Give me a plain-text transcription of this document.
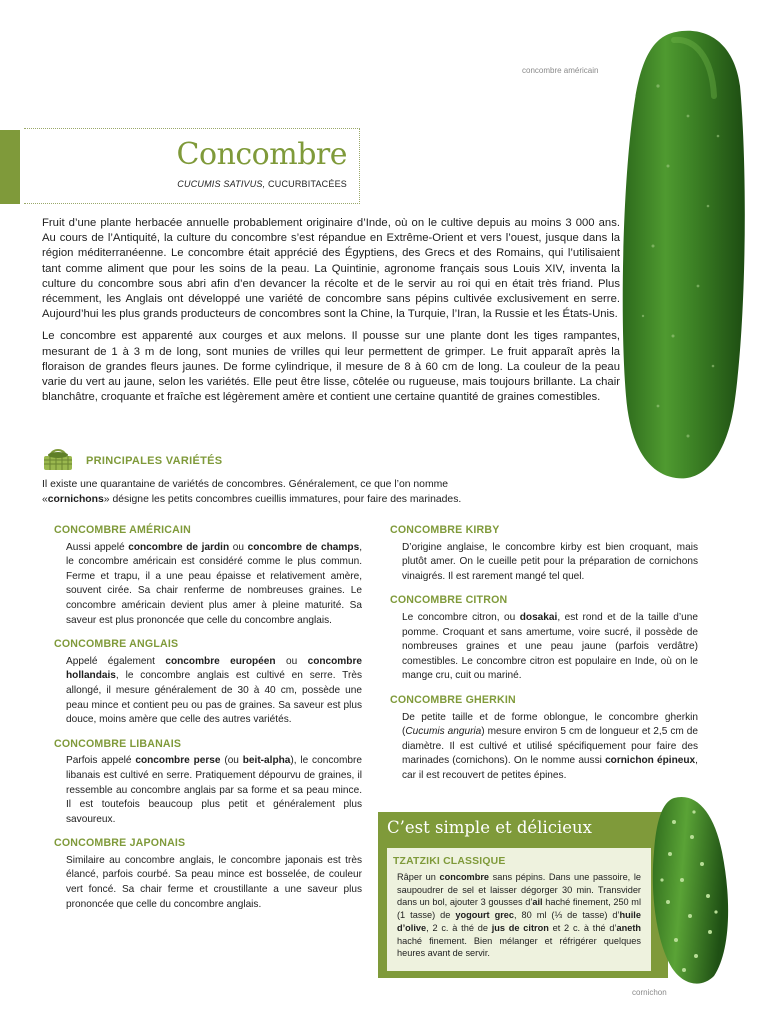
Concombre
CUCUMIS SATIVUS, CUCURBITACÉES
concombre américain

Fruit d’une plante herbacée annuelle probablement originaire d’Inde, où on le cultive depuis au moins 3 000 ans. Au cours de l’Antiquité, la culture du concombre s’est répandue en Extrême-Orient et vers l’ouest, jusque dans la région méditerranéenne. Le concombre était apprécié des Égyptiens, des Grecs et des Romains, qui l’utilisaient tant comme aliment que pour les soins de la peau. La Quintinie, agronome français sous Louis XIV, inventa la culture du concombre sous abri afin d’en devancer la récolte et de le servir au roi qui en était très friand. Plus récemment, les Anglais ont développé une variété de concombre sans pépins cultivée exclusivement en serre. Aujourd’hui les plus grands producteurs de concombres sont la Chine, la Turquie, l’Iran, la Russie et les États-Unis.

Le concombre est apparenté aux courges et aux melons. Il pousse sur une plante dont les tiges rampantes, mesurant de 1 à 3 m de long, sont munies de vrilles qui leur permettent de grimper. Le fruit apparaît après la floraison de grandes fleurs jaunes. De forme cylindrique, il mesure de 8 à 60 cm de long. La couleur de la peau varie du vert au jaune, selon les variétés. Elle peut être lisse, côtelée ou rugueuse, mais toujours brillante. La chair blanchâtre, croquante et fraîche est légèrement amère et contient une certaine quantité de graines comestibles.

PRINCIPALES VARIÉTÉS
Il existe une quarantaine de variétés de concombres. Généralement, ce que l’on nomme «cornichons» désigne les petits concombres cueillis immatures, pour faire des marinades.
CONCOMBRE AMÉRICAIN
Aussi appelé concombre de jardin ou concombre de champs, le concombre américain est considéré comme le plus commun. Ferme et trapu, il a une peau épaisse et relativement amère, souvent cirée. Sa chair renferme de nombreuses graines. Le concombre américain devient plus amer à pleine maturité. Sa saveur est plus prononcée que celle du concombre anglais.
CONCOMBRE ANGLAIS
Appelé également concombre européen ou concombre hollandais, le concombre anglais est cultivé en serre. Très allongé, il mesure généralement de 30 à 40 cm, possède une peau mince et contient peu ou pas de graines. Sa saveur est plus douce, moins amère que celle des autres variétés.
CONCOMBRE LIBANAIS
Parfois appelé concombre perse (ou beit-alpha), le concombre libanais est cultivé en serre. Pratiquement dépourvu de graines, il ressemble au concombre anglais par sa forme et sa peau mince. Il est toutefois beaucoup plus petit et généralement plus savoureux.
CONCOMBRE JAPONAIS
Similaire au concombre anglais, le concombre japonais est très élancé, parfois courbé. Sa peau mince est bosselée, de couleur vert foncé. Sa chair ferme et croustillante a une saveur plus prononcée que celle du concombre anglais.
CONCOMBRE KIRBY
D’origine anglaise, le concombre kirby est bien croquant, mais plutôt amer. On le cueille petit pour la préparation de cornichons vinaigrés. Il est rarement mangé tel quel.
CONCOMBRE CITRON
Le concombre citron, ou dosakai, est rond et de la taille d’une pomme. Croquant et sans amertume, voire sucré, il possède de nombreuses graines et une peau jaune (parfois verdâtre) comestibles. Le concombre citron est populaire en Inde, où on le mange cru, cuit ou mariné.
CONCOMBRE GHERKIN
De petite taille et de forme oblongue, le concombre gherkin (Cucumis anguria) mesure environ 5 cm de longueur et 2,5 cm de diamètre. Il est cultivé et utilisé spécifiquement pour faire des marinades (cornichons). On le nomme aussi cornichon épineux, car il est recouvert de petites épines.
C’est simple et délicieux
TZATZIKI CLASSIQUE
Râper un concombre sans pépins. Dans une passoire, le saupoudrer de sel et laisser dégorger 30 min. Transvider dans un bol, ajouter 3 gousses d’ail haché finement, 250 ml (1 tasse) de yogourt grec, 80 ml (⅓ de tasse) d’huile d’olive, 2 c. à thé de jus de citron et 2 c. à thé d’aneth haché finement. Bien mélanger et réfrigérer quelques heures avant de servir.
cornichon
